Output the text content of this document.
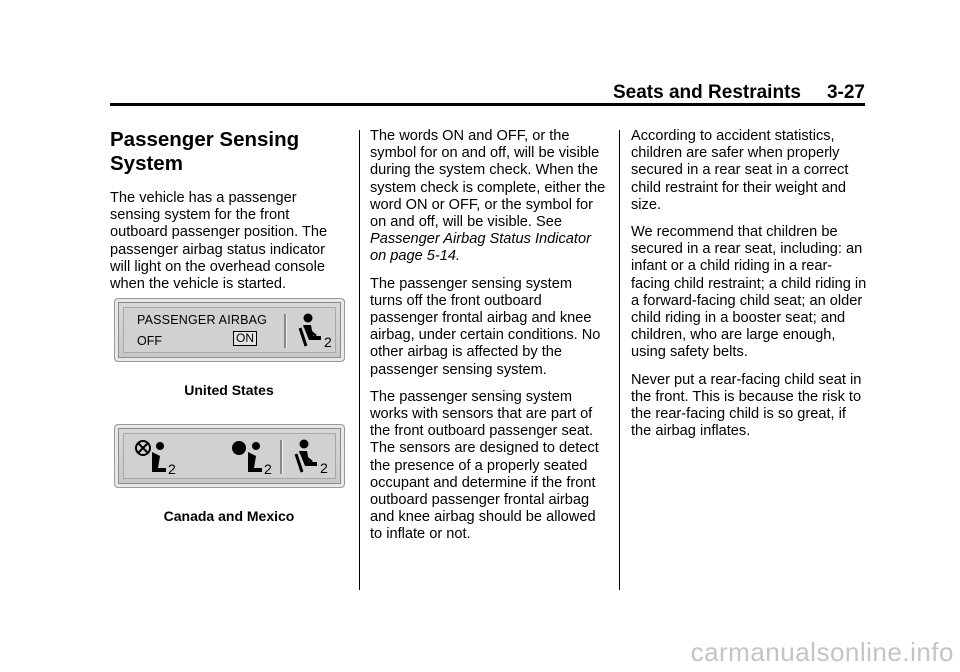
Seats and Restraints 3-27
Passenger Sensing
System

The vehicle has a passenger sensing system for the front outboard passenger position. The passenger airbag status indicator will light on the overhead console when the vehicle is started.

PASSENGER AIRBAG
OFF	ON	2
United States
2	2	2
Canada and Mexico

The words ON and OFF, or the symbol for on and off, will be visible during the system check. When the system check is complete, either the word ON or OFF, or the symbol for on and off, will be visible. See Passenger Airbag Status Indicator on page 5-14.

The passenger sensing system turns off the front outboard passenger frontal airbag and knee airbag, under certain conditions. No other airbag is affected by the passenger sensing system.

The passenger sensing system works with sensors that are part of the front outboard passenger seat. The sensors are designed to detect the presence of a properly seated occupant and determine if the front outboard passenger frontal airbag and knee airbag should be allowed to inflate or not.

According to accident statistics, children are safer when properly secured in a rear seat in a correct child restraint for their weight and size.

We recommend that children be secured in a rear seat, including: an infant or a child riding in a rear-facing child restraint; a child riding in a forward-facing child seat; an older child riding in a booster seat; and children, who are large enough, using safety belts.

Never put a rear-facing child seat in the front. This is because the risk to the rear-facing child is so great, if the airbag inflates.

carmanualsonline.info
